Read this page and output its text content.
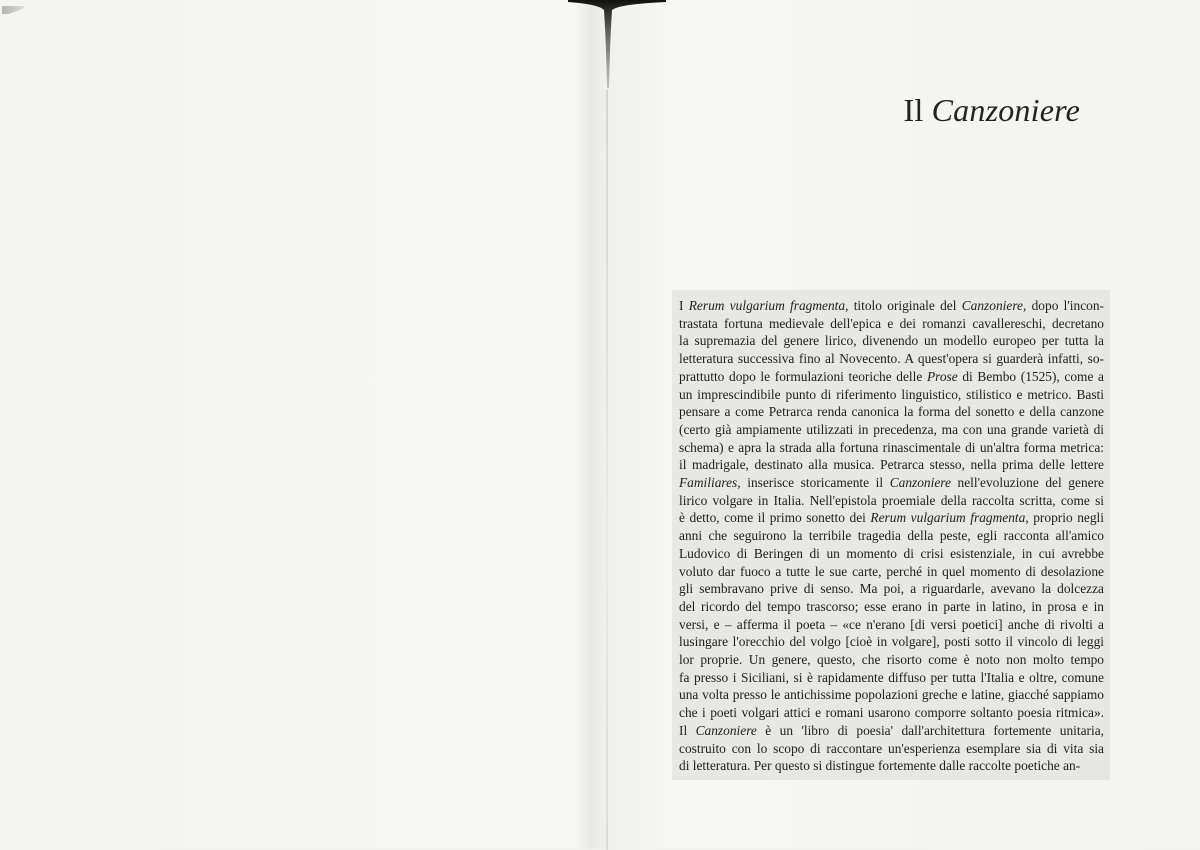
Il Canzoniere
I Rerum vulgarium fragmenta, titolo originale del Canzoniere, dopo l'incon-
trastata fortuna medievale dell'epica e dei romanzi cavallereschi, decretano
la supremazia del genere lirico, divenendo un modello europeo per tutta la
letteratura successiva fino al Novecento. A quest'opera si guarderà infatti, so-
prattutto dopo le formulazioni teoriche delle Prose di Bembo (1525), come a
un imprescindibile punto di riferimento linguistico, stilistico e metrico. Basti
pensare a come Petrarca renda canonica la forma del sonetto e della canzone
(certo già ampiamente utilizzati in precedenza, ma con una grande varietà di
schema) e apra la strada alla fortuna rinascimentale di un'altra forma metrica:
il madrigale, destinato alla musica. Petrarca stesso, nella prima delle lettere
Familiares, inserisce storicamente il Canzoniere nell'evoluzione del genere
lirico volgare in Italia. Nell'epistola proemiale della raccolta scritta, come si
è detto, come il primo sonetto dei Rerum vulgarium fragmenta, proprio negli
anni che seguirono la terribile tragedia della peste, egli racconta all'amico
Ludovico di Beringen di un momento di crisi esistenziale, in cui avrebbe
voluto dar fuoco a tutte le sue carte, perché in quel momento di desolazione
gli sembravano prive di senso. Ma poi, a riguardarle, avevano la dolcezza
del ricordo del tempo trascorso; esse erano in parte in latino, in prosa e in
versi, e – afferma il poeta – «ce n'erano [di versi poetici] anche di rivolti a
lusingare l'orecchio del volgo [cioè in volgare], posti sotto il vincolo di leggi
lor proprie. Un genere, questo, che risorto come è noto non molto tempo
fa presso i Siciliani, si è rapidamente diffuso per tutta l'Italia e oltre, comune
una volta presso le antichissime popolazioni greche e latine, giacché sappiamo
che i poeti volgari attici e romani usarono comporre soltanto poesia ritmica».
Il Canzoniere è un 'libro di poesia' dall'architettura fortemente unitaria,
costruito con lo scopo di raccontare un'esperienza esemplare sia di vita sia
di letteratura. Per questo si distingue fortemente dalle raccolte poetiche an-
